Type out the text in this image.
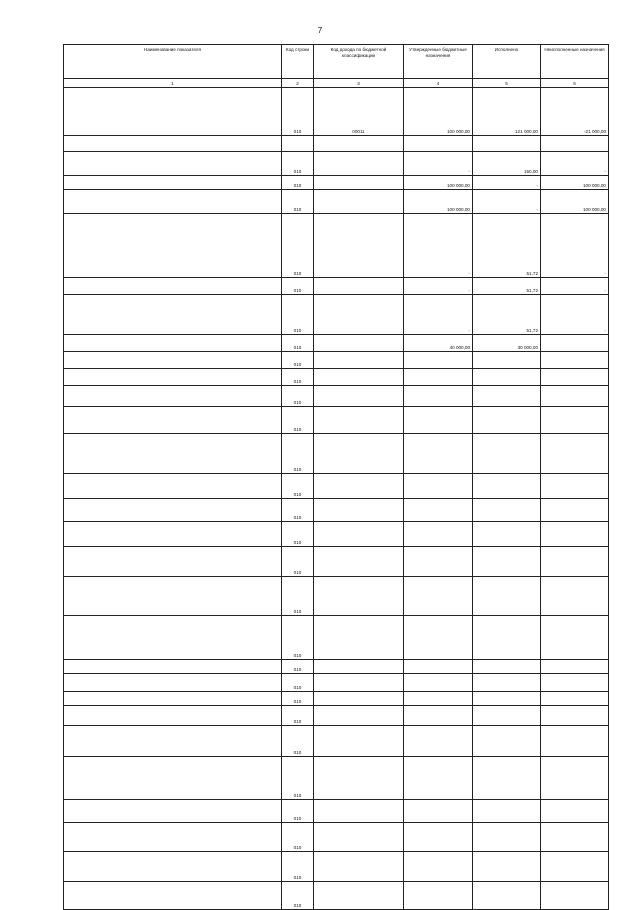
7
Наименование показателя	Код строки	Код дохода по бюджетной классификации	Утвержденные бюджетные назначения	Исполнено	Неисполненные назначения
1	2	3	4	5	6
	010	00011	100 000,00	121 000,00	-21 000,00

	010		-	150,00	-
	010		100 000,00	-	100 000,00
	010		100 000,00	-	100 000,00
	010		-	51,72	-
	010		-	51,72	-
	010		-	51,72	-
	010		40 000,00	30 000,00	
	010				
	010				
	010				
	010				
	010				
	010				
	010				
	010				
	010				
	010				
	010				
	010				
	010				
	010				
	010				
	010				
	010				
	010				
	010				
	010				
	010				
